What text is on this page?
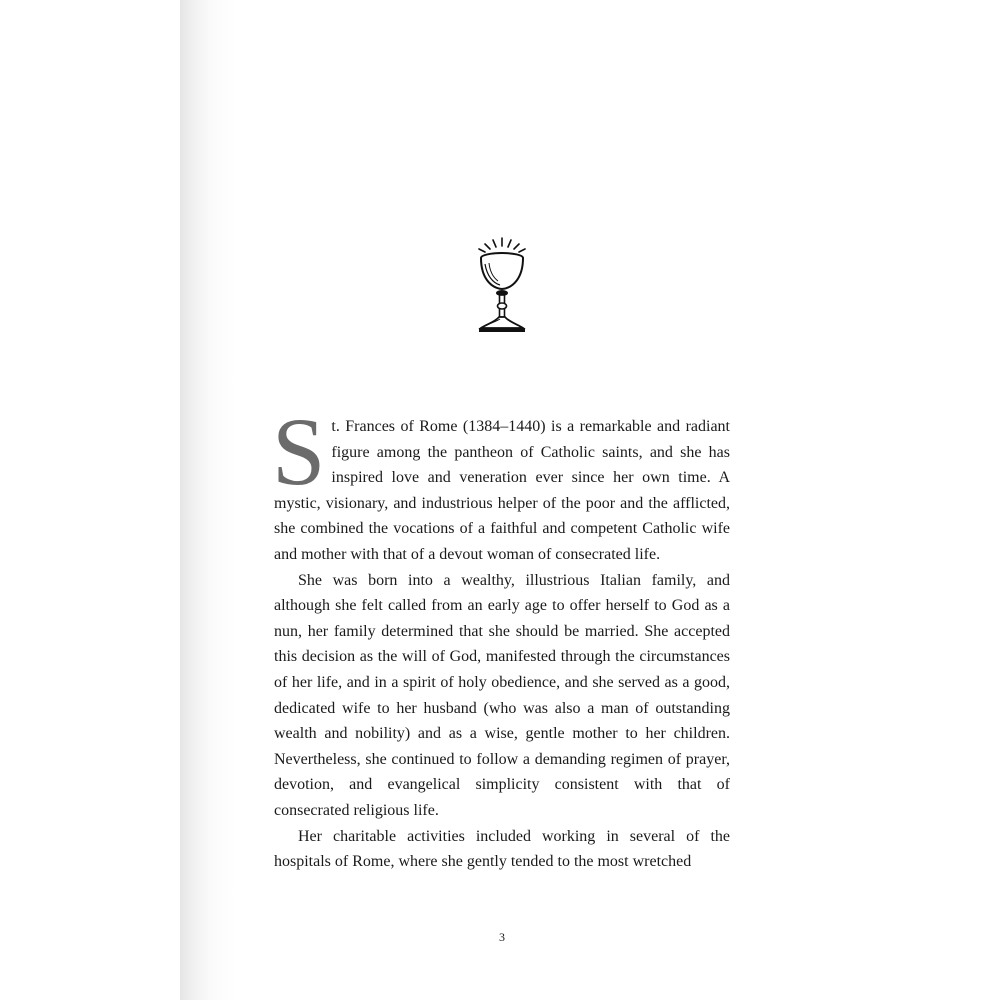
St. Frances of Rome (1384–1440) is a remarkable and radiant figure among the pantheon of Catholic saints, and she has inspired love and veneration ever since her own time. A mystic, visionary, and industrious helper of the poor and the afflicted, she combined the vocations of a faithful and competent Catholic wife and mother with that of a devout woman of consecrated life.

She was born into a wealthy, illustrious Italian family, and although she felt called from an early age to offer herself to God as a nun, her family determined that she should be married. She accepted this decision as the will of God, manifested through the circumstances of her life, and in a spirit of holy obedience, and she served as a good, dedicated wife to her husband (who was also a man of outstanding wealth and nobility) and as a wise, gentle mother to her children. Nevertheless, she continued to follow a demanding regimen of prayer, devotion, and evangelical simplicity consistent with that of consecrated religious life.

Her charitable activities included working in several of the hospitals of Rome, where she gently tended to the most wretched

3
